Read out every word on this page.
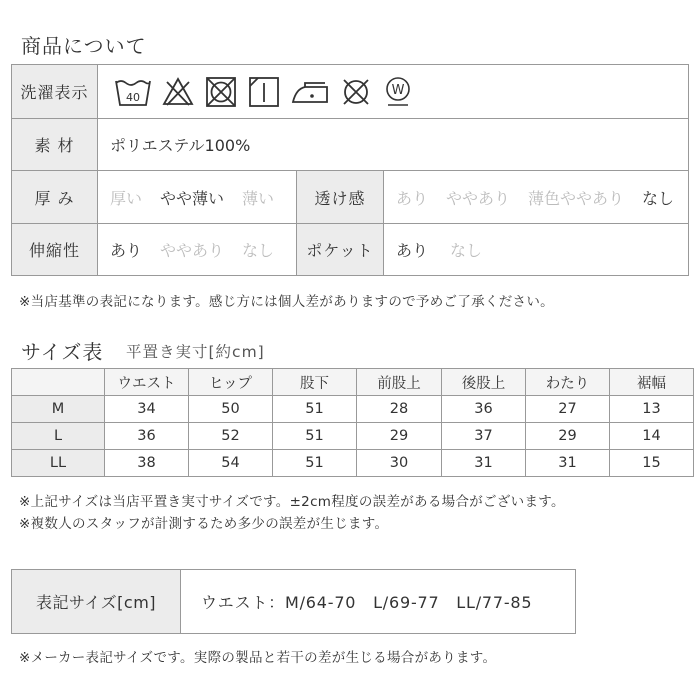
商品について
洗濯表示	40	W
素 材	ポリエステル100%
厚 み	厚い やや薄い 薄い	透け感	あり ややあり 薄色ややあり なし
伸縮性	あり ややあり なし	ポケット	あり なし
※当店基準の表記になります。感じ方には個人差がありますので予めご了承ください。
サイズ表 平置き実寸[約cm]
	ウエスト	ヒップ	股下	前股上	後股上	わたり	裾幅
M	34	50	51	28	36	27	13
L	36	52	51	29	37	29	14
LL	38	54	51	30	31	31	15
※上記サイズは当店平置き実寸サイズです。±2cm程度の誤差がある場合がございます。
※複数人のスタッフが計測するため多少の誤差が生じます。
表記サイズ[cm]	ウエスト：M/64-70　L/69-77　LL/77-85
※メーカー表記サイズです。実際の製品と若干の差が生じる場合があります。
